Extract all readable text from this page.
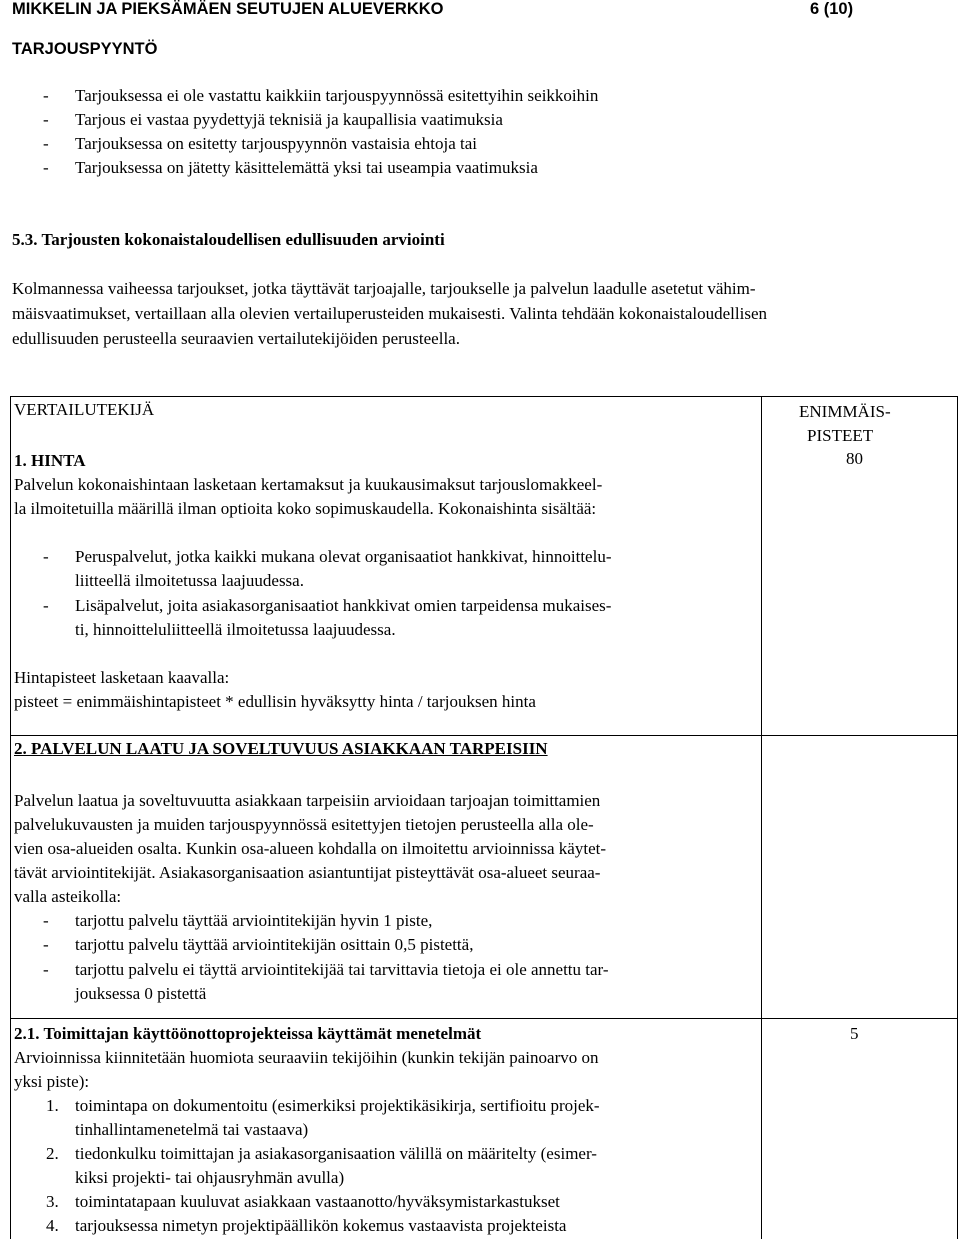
MIKKELIN JA PIEKSÄMÄEN SEUTUJEN ALUEVERKKO	6 (10)
TARJOUSPYYNTÖ
- Tarjouksessa ei ole vastattu kaikkiin tarjouspyynnössä esitettyihin seikkoihin
- Tarjous ei vastaa pyydettyjä teknisiä ja kaupallisia vaatimuksia
- Tarjouksessa on esitetty tarjouspyynnön vastaisia ehtoja tai
- Tarjouksessa on jätetty käsittelemättä yksi tai useampia vaatimuksia
5.3. Tarjousten kokonaistaloudellisen edullisuuden arviointi
Kolmannessa vaiheessa tarjoukset, jotka täyttävät tarjoajalle, tarjoukselle ja palvelun laadulle asetetut vähim-
mäisvaatimukset, vertaillaan alla olevien vertailuperusteiden mukaisesti. Valinta tehdään kokonaistaloudellisen
edullisuuden perusteella seuraavien vertailutekijöiden perusteella.
VERTAILUTEKIJÄ	ENIMMÄIS-
PISTEET
1. HINTA	80
Palvelun kokonaishintaan lasketaan kertamaksut ja kuukausimaksut tarjouslomakkeel-
la ilmoitetuilla määrillä ilman optioita koko sopimuskaudella. Kokonaishinta sisältää:
- Peruspalvelut, jotka kaikki mukana olevat organisaatiot hankkivat, hinnoittelu-
liitteellä ilmoitetussa laajuudessa.
- Lisäpalvelut, joita asiakasorganisaatiot hankkivat omien tarpeidensa mukaises-
ti, hinnoitteluliitteellä ilmoitetussa laajuudessa.
Hintapisteet lasketaan kaavalla:
pisteet = enimmäishintapisteet * edullisin hyväksytty hinta / tarjouksen hinta
2. PALVELUN LAATU JA SOVELTUVUUS ASIAKKAAN TARPEISIIN
Palvelun laatua ja soveltuvuutta asiakkaan tarpeisiin arvioidaan tarjoajan toimittamien
palvelukuvausten ja muiden tarjouspyynnössä esitettyjen tietojen perusteella alla ole-
vien osa-alueiden osalta. Kunkin osa-alueen kohdalla on ilmoitettu arvioinnissa käytet-
tävät arviointitekijät. Asiakasorganisaation asiantuntijat pisteyttävät osa-alueet seuraa-
valla asteikolla:
- tarjottu palvelu täyttää arviointitekijän hyvin 1 piste,
- tarjottu palvelu täyttää arviointitekijän osittain 0,5 pistettä,
- tarjottu palvelu ei täyttä arviointitekijää tai tarvittavia tietoja ei ole annettu tar-
jouksessa 0 pistettä
2.1. Toimittajan käyttöönottoprojekteissa käyttämät menetelmät	5
Arvioinnissa kiinnitetään huomiota seuraaviin tekijöihin (kunkin tekijän painoarvo on
yksi piste):
1. toimintapa on dokumentoitu (esimerkiksi projektikäsikirja, sertifioitu projek-
tinhallintamenetelmä tai vastaava)
2. tiedonkulku toimittajan ja asiakasorganisaation välillä on määritelty (esimer-
kiksi projekti- tai ohjausryhmän avulla)
3. toimintatapaan kuuluvat asiakkaan vastaanotto/hyväksymistarkastukset
4. tarjouksessa nimetyn projektipäällikön kokemus vastaavista projekteista
